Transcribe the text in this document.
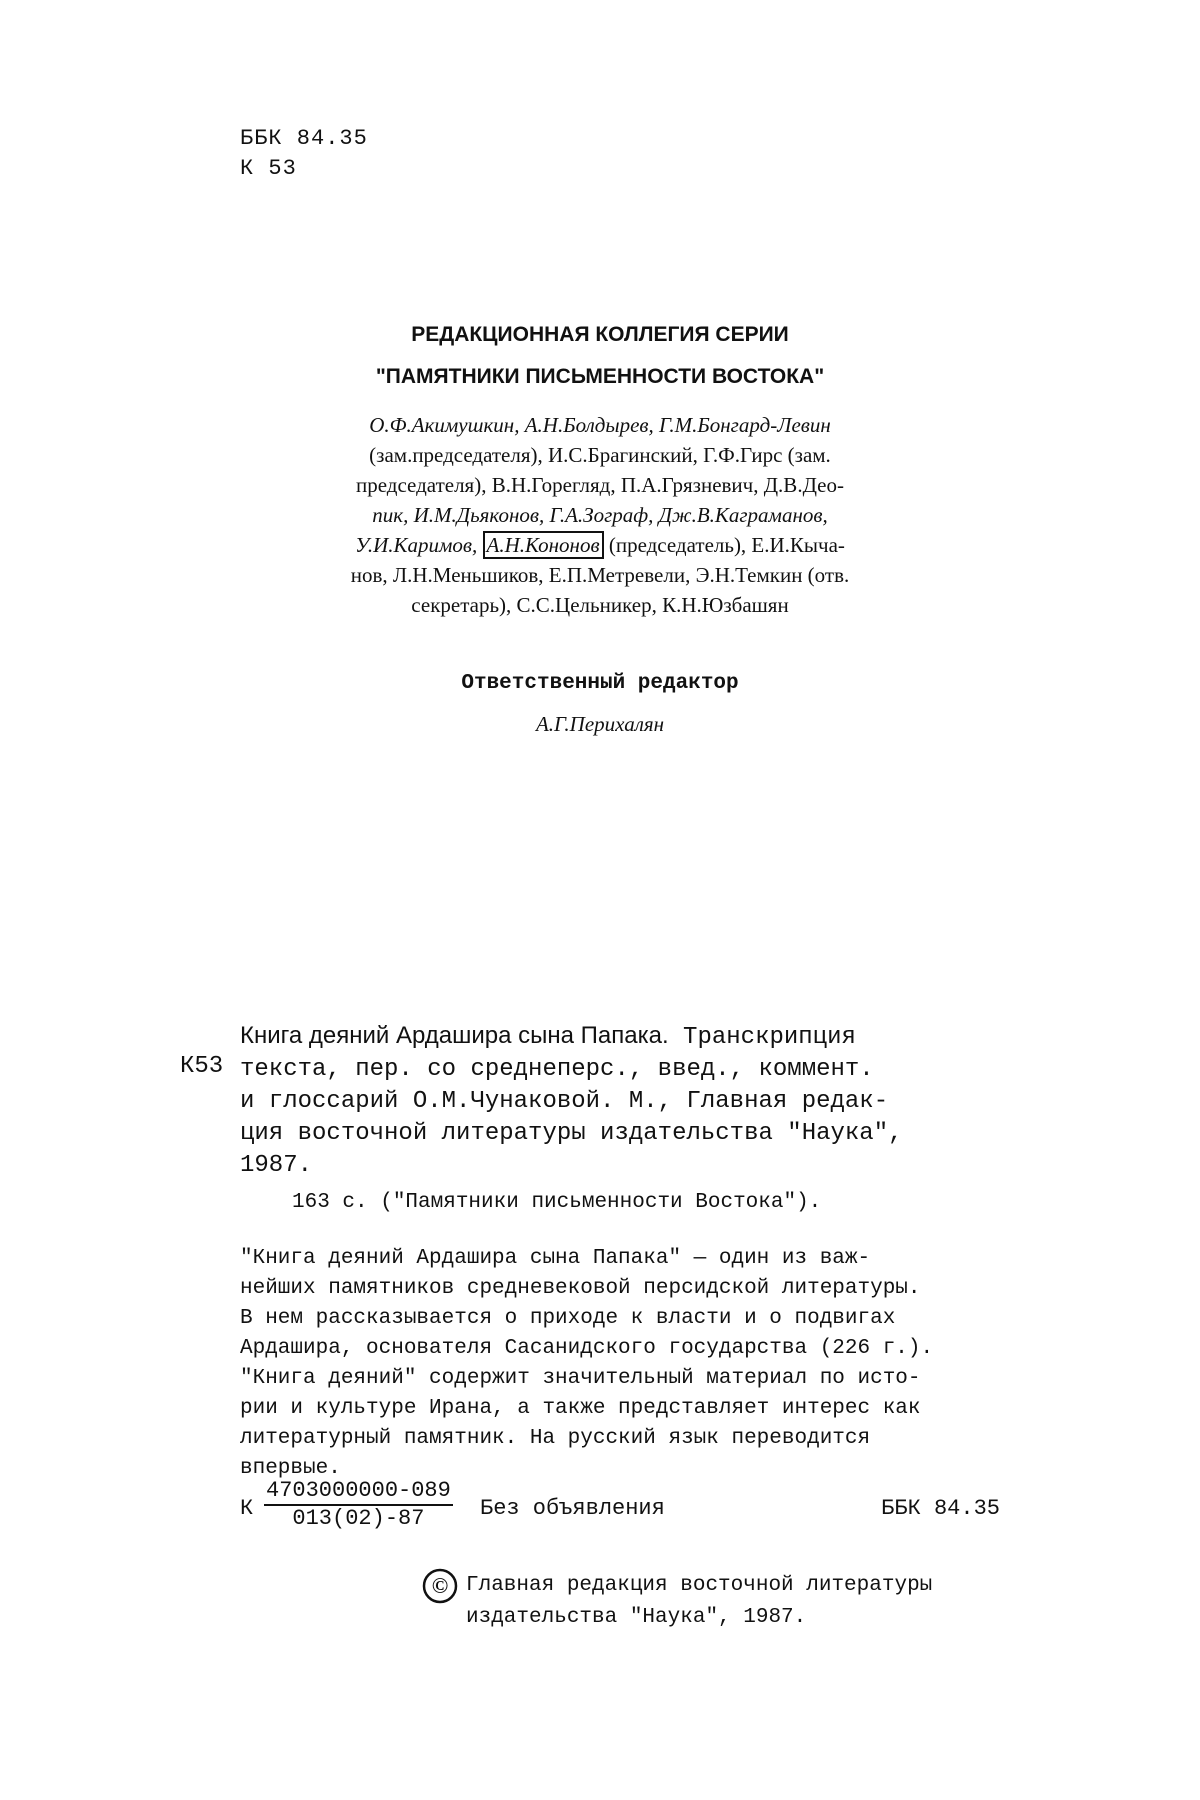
ББК 84.35
К 53
РЕДАКЦИОННАЯ КОЛЛЕГИЯ СЕРИИ
"ПАМЯТНИКИ ПИСЬМЕННОСТИ ВОСТОКА"
О.Ф.Акимушкин, А.Н.Болдырев, Г.М.Бонгард-Левин
(зам.председателя), И.С.Брагинский, Г.Ф.Гирс (зам.
председателя), В.Н.Горегляд, П.А.Грязневич, Д.В.Део-
пик, И.М.Дьяконов, Г.А.Зограф, Дж.В.Каграманов,
У.И.Каримов, А.Н.Кононов (председатель), Е.И.Кыча-
нов, Л.Н.Меньшиков, Е.П.Метревели, Э.Н.Темкин (отв.
секретарь), С.С.Цельникер, К.Н.Юзбашян
Ответственный редактор
А.Г.Перихалян
К53
Книга деяний Ардашира сына Папака. Транскрипция
текста, пер. со среднеперс., введ., коммент.
и глоссарий О.М.Чунаковой. М., Главная редак-
ция восточной литературы издательства "Наука",
1987.
163 с. ("Памятники письменности Востока").
"Книга деяний Ардашира сына Папака" — один из важ-
нейших памятников средневековой персидской литературы.
В нем рассказывается о приходе к власти и о подвигах
Ардашира, основателя Сасанидского государства (226 г.).
"Книга деяний" содержит значительный материал по исто-
рии и культуре Ирана, а также представляет интерес как
литературный памятник. На русский язык переводится
впервые.
К $\frac{4703000000-089}{013(02)-87}$ Без объявления	ББК 84.35
© Главная редакция восточной литературы
издательства "Наука", 1987.
